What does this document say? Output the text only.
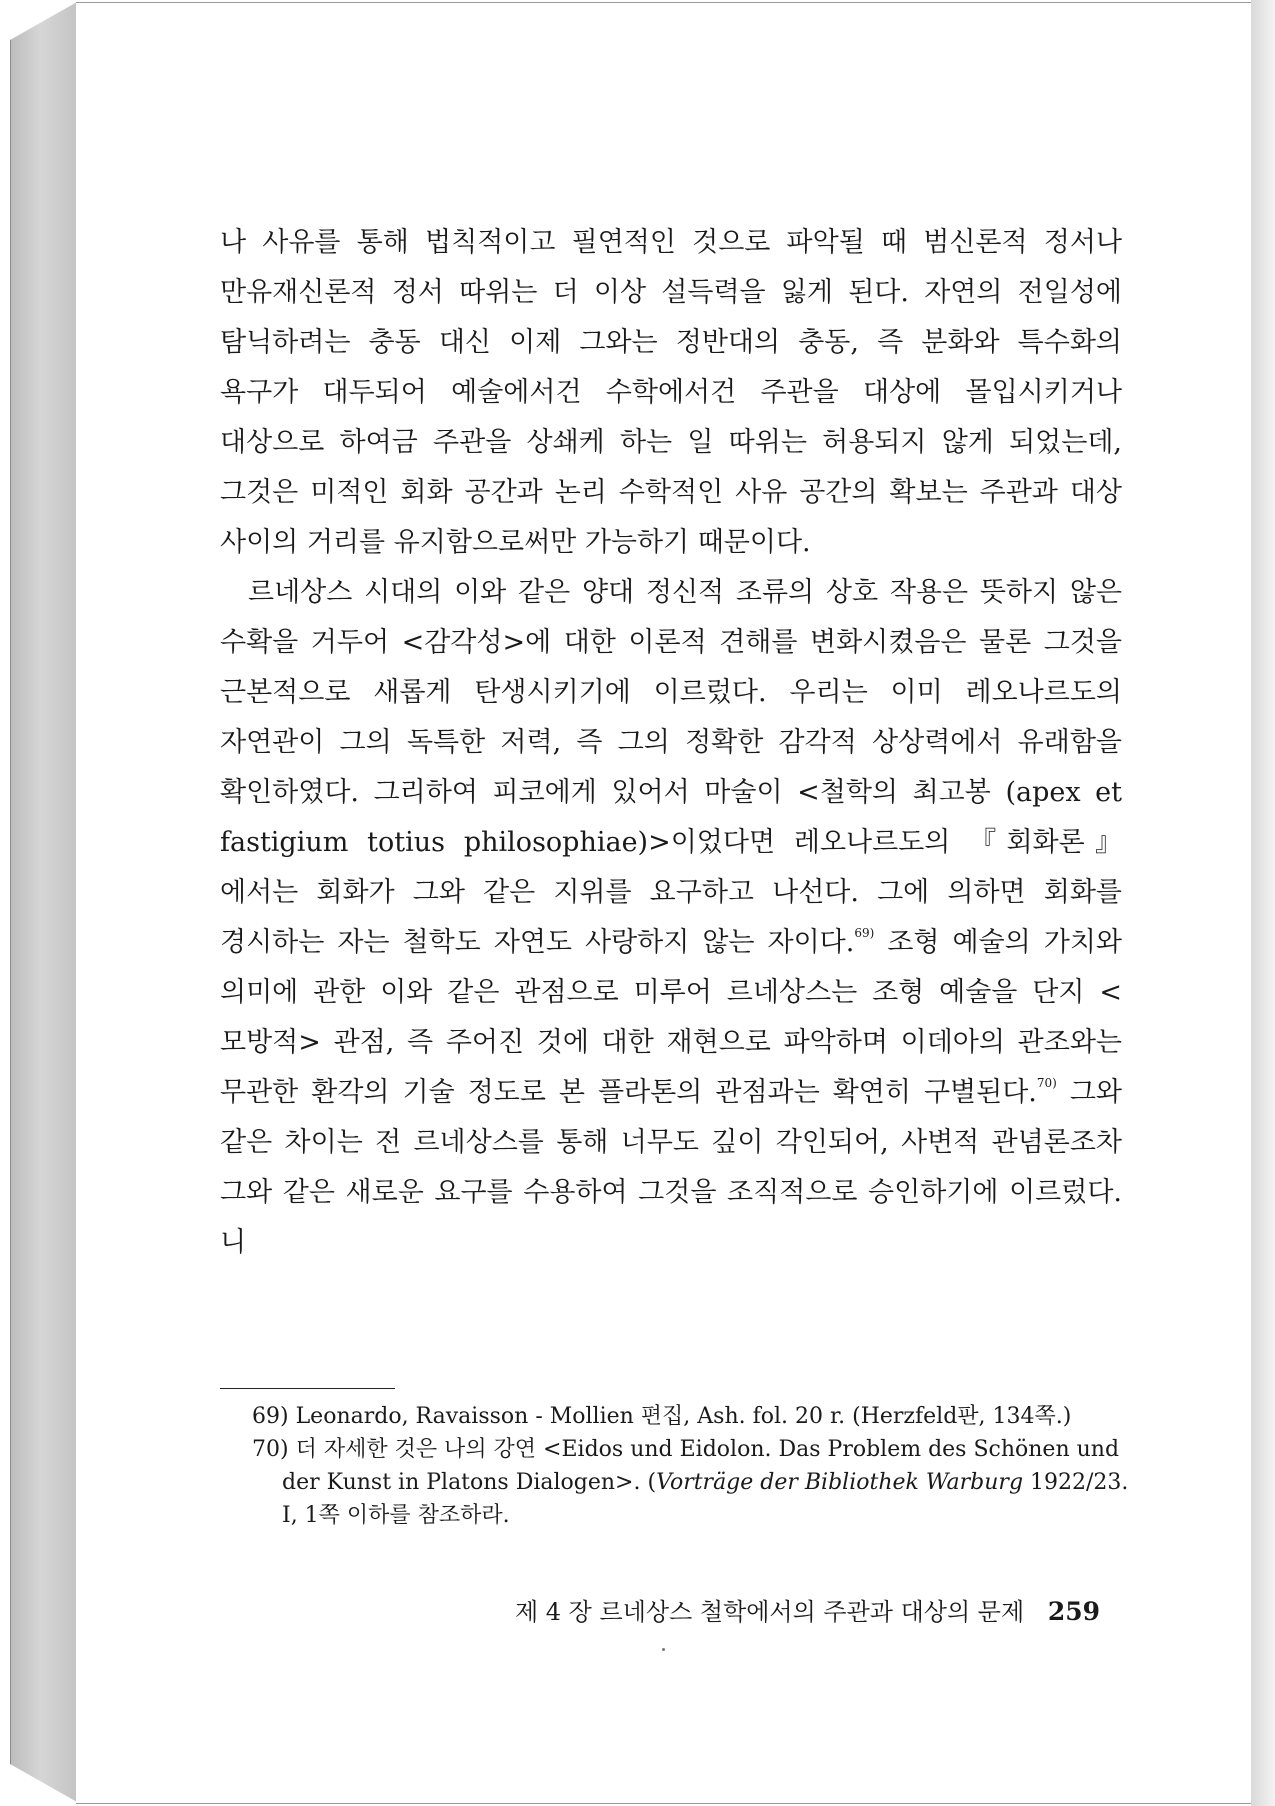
나 사유를 통해 법칙적이고 필연적인 것으로 파악될 때 범신론적 정서나 만유재신론적 정서 따위는 더 이상 설득력을 잃게 된다. 자연의 전일성에 탐닉하려는 충동 대신 이제 그와는 정반대의 충동, 즉 분화와 특수화의 욕구가 대두되어 예술에서건 수학에서건 주관을 대상에 몰입시키거나 대상으로 하여금 주관을 상쇄케 하는 일 따위는 허용되지 않게 되었는데, 그것은 미적인 회화 공간과 논리 수학적인 사유 공간의 확보는 주관과 대상 사이의 거리를 유지함으로써만 가능하기 때문이다.

르네상스 시대의 이와 같은 양대 정신적 조류의 상호 작용은 뜻하지 않은 수확을 거두어 <감각성>에 대한 이론적 견해를 변화시켰음은 물론 그것을 근본적으로 새롭게 탄생시키기에 이르렀다. 우리는 이미 레오나르도의 자연관이 그의 독특한 저력, 즉 그의 정확한 감각적 상상력에서 유래함을 확인하였다. 그리하여 피코에게 있어서 마술이 <철학의 최고봉 (apex et fastigium totius philosophiae)>이었다면 레오나르도의 『회화론』에서는 회화가 그와 같은 지위를 요구하고 나선다. 그에 의하면 회화를 경시하는 자는 철학도 자연도 사랑하지 않는 자이다.$^{69)}$ 조형 예술의 가치와 의미에 관한 이와 같은 관점으로 미루어 르네상스는 조형 예술을 단지 <모방적> 관점, 즉 주어진 것에 대한 재현으로 파악하며 이데아의 관조와는 무관한 환각의 기술 정도로 본 플라톤의 관점과는 확연히 구별된다.$^{70)}$ 그와 같은 차이는 전 르네상스를 통해 너무도 깊이 각인되어, 사변적 관념론조차 그와 같은 새로운 요구를 수용하여 그것을 조직적으로 승인하기에 이르렀다. 니

69) Leonardo, Ravaisson - Mollien 편집, Ash. fol. 20 r. (Herzfeld판, 134쪽.)

70) 더 자세한 것은 나의 강연 <Eidos und Eidolon. Das Problem des Schönen und der Kunst in Platons Dialogen>. (Vorträge der Bibliothek Warburg 1922/23. I, 1쪽 이하를 참조하라.

제 4 장 르네상스 철학에서의 주관과 대상의 문제 259
